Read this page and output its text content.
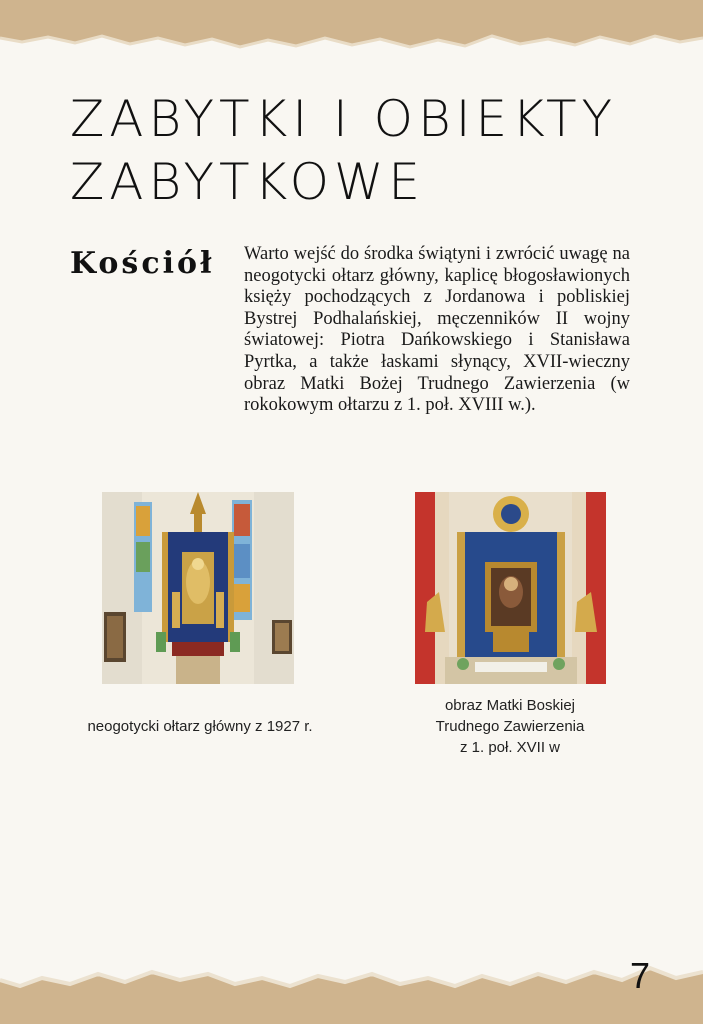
ZABYTKI I OBIEKTY
ZABYTKOWE
Kościół Warto wejść do środka świątyni i zwrócić uwagę na neogotycki ołtarz główny, kaplicę błogosławionych księży pochodzących z Jordanowa i pobliskiej Bystrej Podhalańskiej, męczenników II wojny światowej: Piotra Dańkowskiego i Stanisława Pyrtka, a także łaskami słynący, XVII-wieczny obraz Matki Bożej Trudnego Zawierzenia (w rokokowym ołtarzu z 1. poł. XVIII w.).

neogotycki ołtarz główny z 1927 r.

obraz Matki Boskiej
Trudnego Zawierzenia
z 1. poł. XVII w

7
